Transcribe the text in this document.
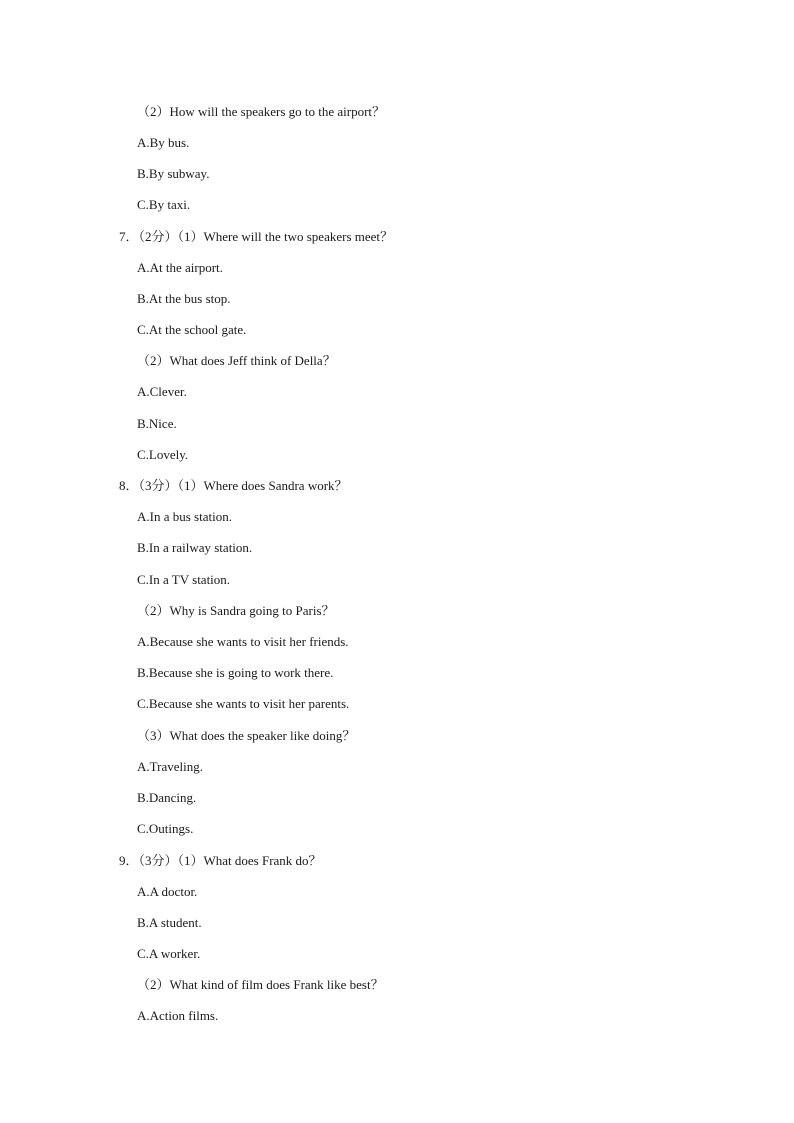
（2）How will the speakers go to the airport？
A.By bus.
B.By subway.
C.By taxi.
7．（2分）（1）Where will the two speakers meet？
A.At the airport.
B.At the bus stop.
C.At the school gate.
（2）What does Jeff think of Della？
A.Clever.
B.Nice.
C.Lovely.
8．（3分）（1）Where does Sandra work？
A.In a bus station.
B.In a railway station.
C.In a TV station.
（2）Why is Sandra going to Paris？
A.Because she wants to visit her friends.
B.Because she is going to work there.
C.Because she wants to visit her parents.
（3）What does the speaker like doing？
A.Traveling.
B.Dancing.
C.Outings.
9．（3分）（1）What does Frank do？
A.A doctor.
B.A student.
C.A worker.
（2）What kind of film does Frank like best？
A.Action films.
